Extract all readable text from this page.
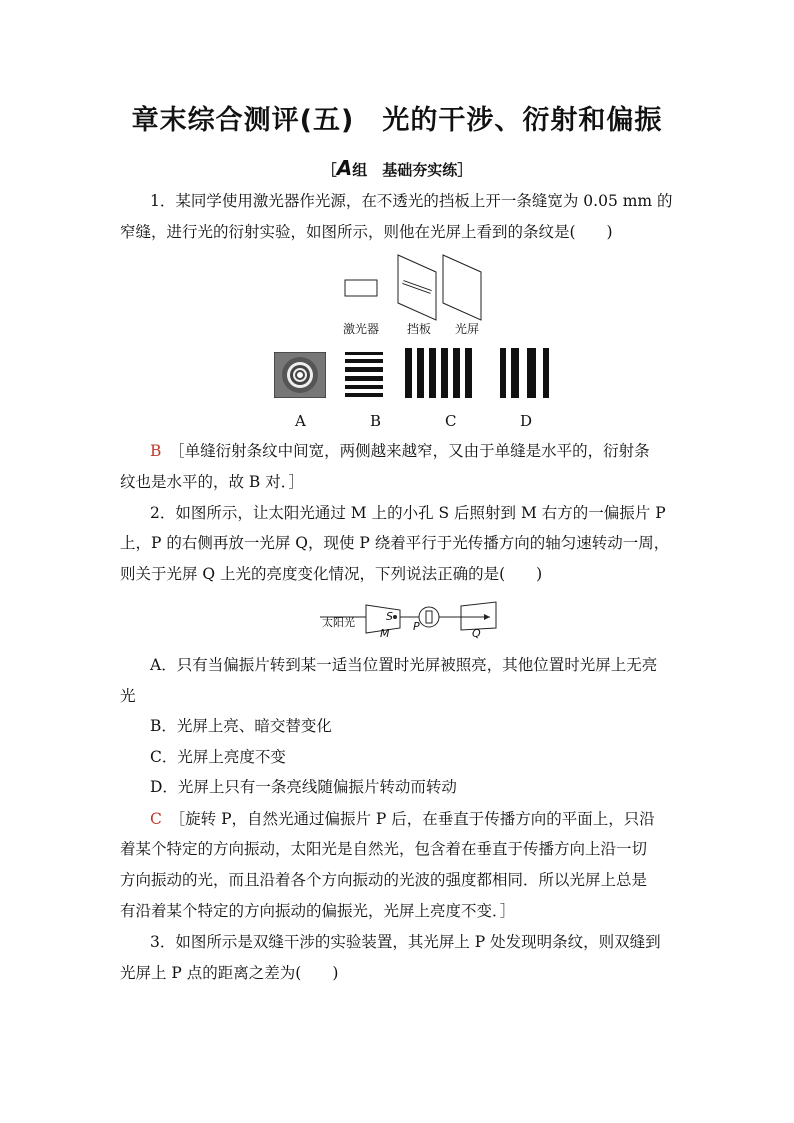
章末综合测评(五)　光的干涉、衍射和偏振
［A组　基础夯实练］
1．某同学使用激光器作光源，在不透光的挡板上开一条缝宽为 0.05 mm 的
窄缝，进行光的衍射实验，如图所示，则他在光屏上看到的条纹是(　　)
激光器 挡板 光屏
A	B	C	D
B　 ［单缝衍射条纹中间宽，两侧越来越窄，又由于单缝是水平的，衍射条
纹也是水平的，故 B 对．］
2．如图所示，让太阳光通过 M 上的小孔 S 后照射到 M 右方的一偏振片 P
上，P 的右侧再放一光屏 Q，现使 P 绕着平行于光传播方向的轴匀速转动一周，
则关于光屏 Q 上光的亮度变化情况，下列说法正确的是(　　)
太阳光	S
M
P
Q
A．只有当偏振片转到某一适当位置时光屏被照亮，其他位置时光屏上无亮
光
B．光屏上亮、暗交替变化
C．光屏上亮度不变
D．光屏上只有一条亮线随偏振片转动而转动
C　 ［旋转 P，自然光通过偏振片 P 后，在垂直于传播方向的平面上，只沿
着某个特定的方向振动，太阳光是自然光，包含着在垂直于传播方向上沿一切
方向振动的光，而且沿着各个方向振动的光波的强度都相同．所以光屏上总是
有沿着某个特定的方向振动的偏振光，光屏上亮度不变．］
3．如图所示是双缝干涉的实验装置，其光屏上 P 处发现明条纹，则双缝到
光屏上 P 点的距离之差为(　　)
